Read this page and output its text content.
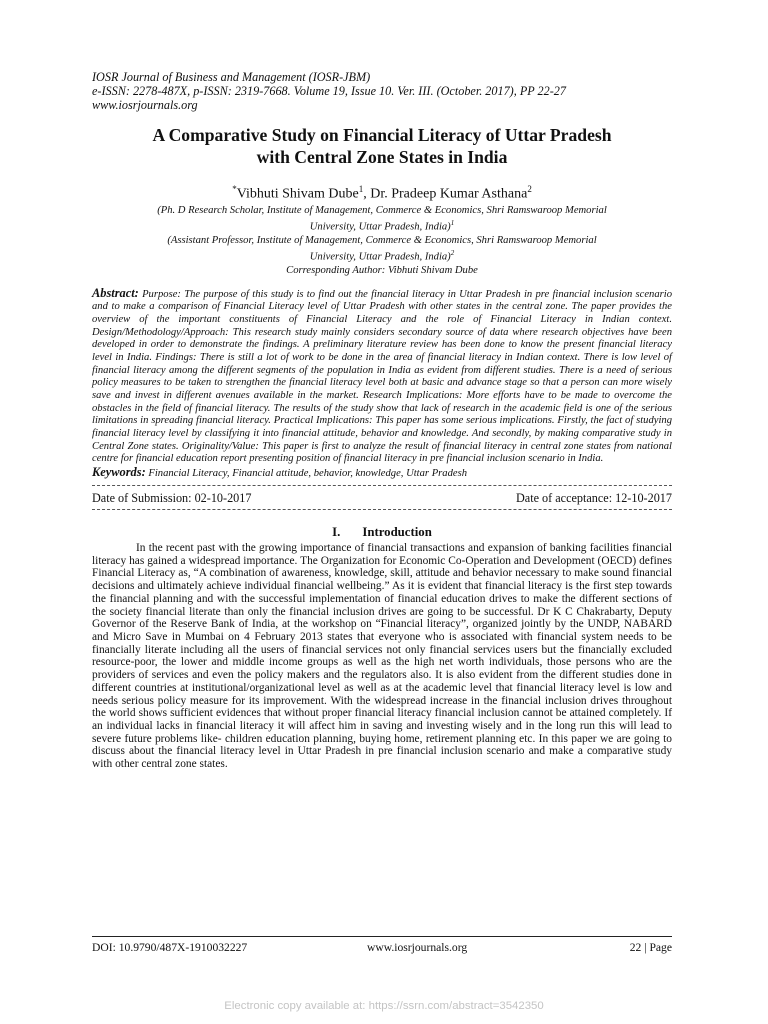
IOSR Journal of Business and Management (IOSR-JBM)
e-ISSN: 2278-487X, p-ISSN: 2319-7668. Volume 19, Issue 10. Ver. III. (October. 2017), PP 22-27
www.iosrjournals.org
A Comparative Study on Financial Literacy of Uttar Pradesh
with Central Zone States in India
*Vibhuti Shivam Dube$^1$, Dr. Pradeep Kumar Asthana$^2$
(Ph. D Research Scholar, Institute of Management, Commerce & Economics, Shri Ramswaroop Memorial
University, Uttar Pradesh, India)$^1$
(Assistant Professor, Institute of Management, Commerce & Economics, Shri Ramswaroop Memorial
University, Uttar Pradesh, India)$^2$
Corresponding Author: Vibhuti Shivam Dube
Abstract: Purpose: The purpose of this study is to find out the financial literacy in Uttar Pradesh in pre financial inclusion scenario and to make a comparison of Financial Literacy level of Uttar Pradesh with other states in the central zone. The paper provides the overview of the important constituents of Financial Literacy and the role of Financial Literacy in Indian context. Design/Methodology/Approach: This research study mainly considers secondary source of data where research objectives have been developed in order to demonstrate the findings. A preliminary literature review has been done to know the present financial literacy level in India. Findings: There is still a lot of work to be done in the area of financial literacy in Indian context. There is low level of financial literacy among the different segments of the population in India as evident from different studies. There is a need of serious policy measures to be taken to strengthen the financial literacy level both at basic and advance stage so that a person can more wisely save and invest in different avenues available in the market. Research Implications: More efforts have to be made to overcome the obstacles in the field of financial literacy. The results of the study show that lack of research in the academic field is one of the serious limitations in spreading financial literacy. Practical Implications: This paper has some serious implications. Firstly, the fact of studying financial literacy level by classifying it into financial attitude, behavior and knowledge. And secondly, by making comparative study in Central Zone states. Originality/Value: This paper is first to analyze the result of financial literacy in central zone states from national centre for financial education report presenting position of financial literacy in pre financial inclusion scenario in India.
Keywords: Financial Literacy, Financial attitude, behavior, knowledge, Uttar Pradesh
Date of Submission: 02-10-2017	Date of acceptance: 12-10-2017
I. Introduction
In the recent past with the growing importance of financial transactions and expansion of banking facilities financial literacy has gained a widespread importance. The Organization for Economic Co-Operation and Development (OECD) defines Financial Literacy as, “A combination of awareness, knowledge, skill, attitude and behavior necessary to make sound financial decisions and ultimately achieve individual financial wellbeing.” As it is evident that financial literacy is the first step towards the financial planning and with the successful implementation of financial education drives to make the different sections of the society financial literate than only the financial inclusion drives are going to be successful. Dr K C Chakrabarty, Deputy Governor of the Reserve Bank of India, at the workshop on “Financial literacy”, organized jointly by the UNDP, NABARD and Micro Save in Mumbai on 4 February 2013 states that everyone who is associated with financial system needs to be financially literate including all the users of financial services not only financial services users but the financially excluded resource-poor, the lower and middle income groups as well as the high net worth individuals, those persons who are the providers of services and even the policy makers and the regulators also. It is also evident from the different studies done in different countries at institutional/organizational level as well as at the academic level that financial literacy level is low and needs serious policy measure for its improvement. With the widespread increase in the financial inclusion drives throughout the world shows sufficient evidences that without proper financial literacy financial inclusion cannot be attained completely. If an individual lacks in financial literacy it will affect him in saving and investing wisely and in the long run this will lead to severe future problems like- children education planning, buying home, retirement planning etc. In this paper we are going to discuss about the financial literacy level in Uttar Pradesh in pre financial inclusion scenario and make a comparative study with other central zone states.
DOI: 10.9790/487X-1910032227	www.iosrjournals.org	22 | Page
Electronic copy available at: https://ssrn.com/abstract=3542350
